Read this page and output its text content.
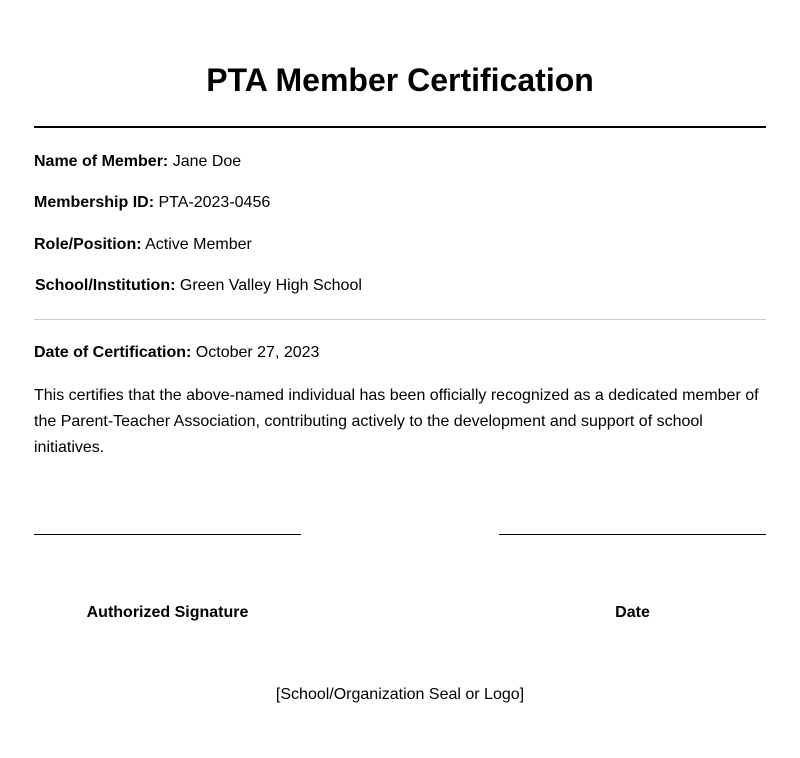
PTA Member Certification
Name of Member: Jane Doe
Membership ID: PTA-2023-0456
Role/Position: Active Member
School/Institution: Green Valley High School
Date of Certification: October 27, 2023

This certifies that the above-named individual has been officially recognized as a dedicated member of the Parent-Teacher Association, contributing actively to the development and support of school initiatives.

Authorized Signature	Date
[School/Organization Seal or Logo]
